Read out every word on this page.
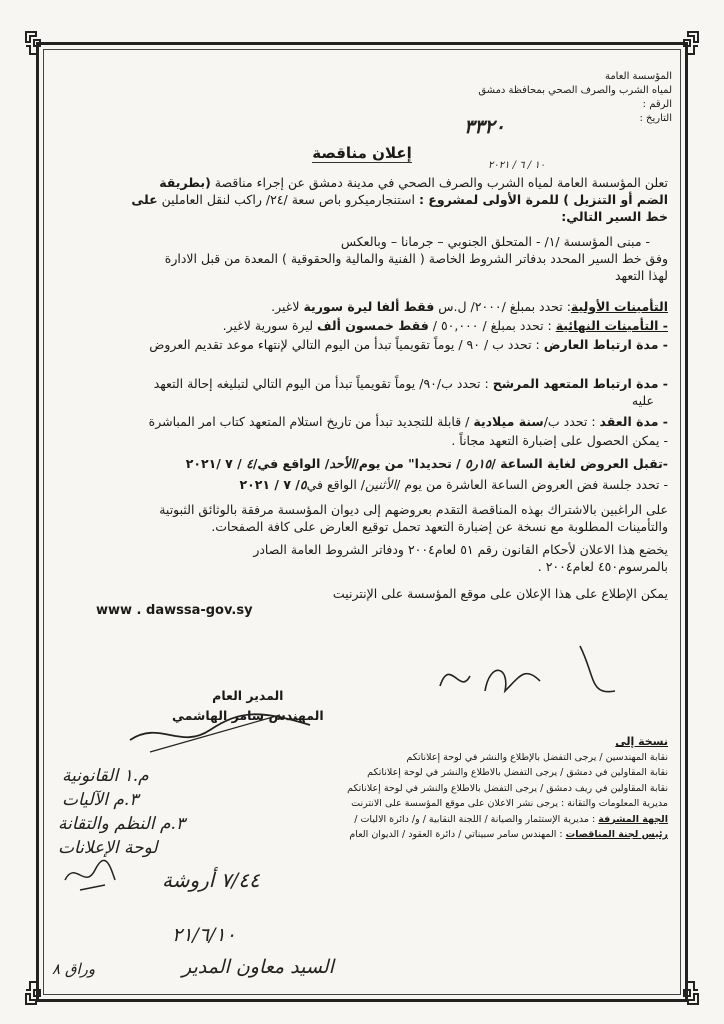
المؤسسة العامة
لمياه الشرب والصرف الصحي بمحافظة دمشق
الرقم :
التاريخ :
٣٣٢٠
١٠ / ٦ / ٢٠٢١
إعلان مناقصة

تعلن المؤسسة العامة لمياه الشرب والصرف الصحي في مدينة دمشق عن إجراء مناقصة (بطريقة

الضم أو التنزيل ) للمرة الأولى لمشروع : استنجارميكرو باص سعة /٢٤/ راكب لنقل العاملين على

خط السير التالي:

- مبنى المؤسسة /١/ - المتحلق الجنوبي – جرمانا – وبالعكس

وفق خط السير المحدد بدفاتر الشروط الخاصة ( الفنية والمالية والحقوقية ) المعدة من قبل الادارة

لهذا التعهد

التأمينات الأولية: تحدد بمبلغ /٢٠٠٠/ ل.س فقط ألفا ليرة سورية لاغير.

- التأمينات النهائية : تحدد بمبلغ / ٥٠,٠٠٠ / فقط خمسون ألف ليرة سورية لاغير.

- مدة ارتباط العارض : تحدد ب / ٩٠ / يوماً تقويمياً تبدأ من اليوم التالي لإنتهاء موعد تقديم العروض

- مدة ارتباط المتعهد المرشح : تحدد ب/٩٠/ يوماً تقويمياً تبدأ من اليوم التالي لتبليغه إحالة التعهد

عليه

- مدة العقد : تحدد ب/سنة ميلادية / قابلة للتجديد تبدأ من تاريخ استلام المتعهد كتاب امر المباشرة

- يمكن الحصول على إضبارة التعهد مجاناً .

-تقبل العروض لغاية الساعة /١٥ر٥ / تحديدا" من يوم/الأحد/ الواقع في/٤ / ٧ /٢٠٢١

- تحدد جلسة فض العروض الساعة العاشرة من يوم /الأثنين/ الواقع في٥/ ٧ / ٢٠٢١

على الراغبين بالاشتراك بهذه المناقصة التقدم بعروضهم إلى ديوان المؤسسة مرفقة بالوثائق الثبوتية

والتأمينات المطلوبة مع نسخة عن إضبارة التعهد تحمل توقيع العارض على كافة الصفحات.

يخضع هذا الاعلان لأحكام القانون رقم ٥١ لعام٢٠٠٤ ودفاتر الشروط العامة الصادر

بالمرسوم٤٥٠ لعام٢٠٠٤ .

يمكن الإطلاع على هذا الإعلان على موقع المؤسسة على الإنترنيت

www . dawssa-gov.sy
المدير العام
المهندس سامر الهاشمي
نسخة إلى
نقابة المهندسين / يرجى التفضل بالإطلاع والنشر في لوحة إعلاناتكم
نقابة المقاولين في دمشق / يرجى التفضل بالاطلاع والنشر في لوحة إعلاناتكم
نقابة المقاولين في ريف دمشق / يرجى التفضل بالاطلاع والنشر في لوحة إعلاناتكم
مديرية المعلومات والتقانة : يرجى نشر الاعلان على موقع المؤسسة على الانترنت
الجهة المشرفة : مديرية الإستثمار والصيانة / اللجنة النقابية / و/ دائرة الاليات /
رئيس لجنة المناقصات : المهندس سامر سبيناتي / دائرة العقود / الديوان العام
م.١ القانونية
٣.م الآليات
٣.م النظم والتقانة
لوحة الإعلانات
٧/٤٤ أروشة
٢١/٦/١٠
السيد معاون المدير
وراق ٨
